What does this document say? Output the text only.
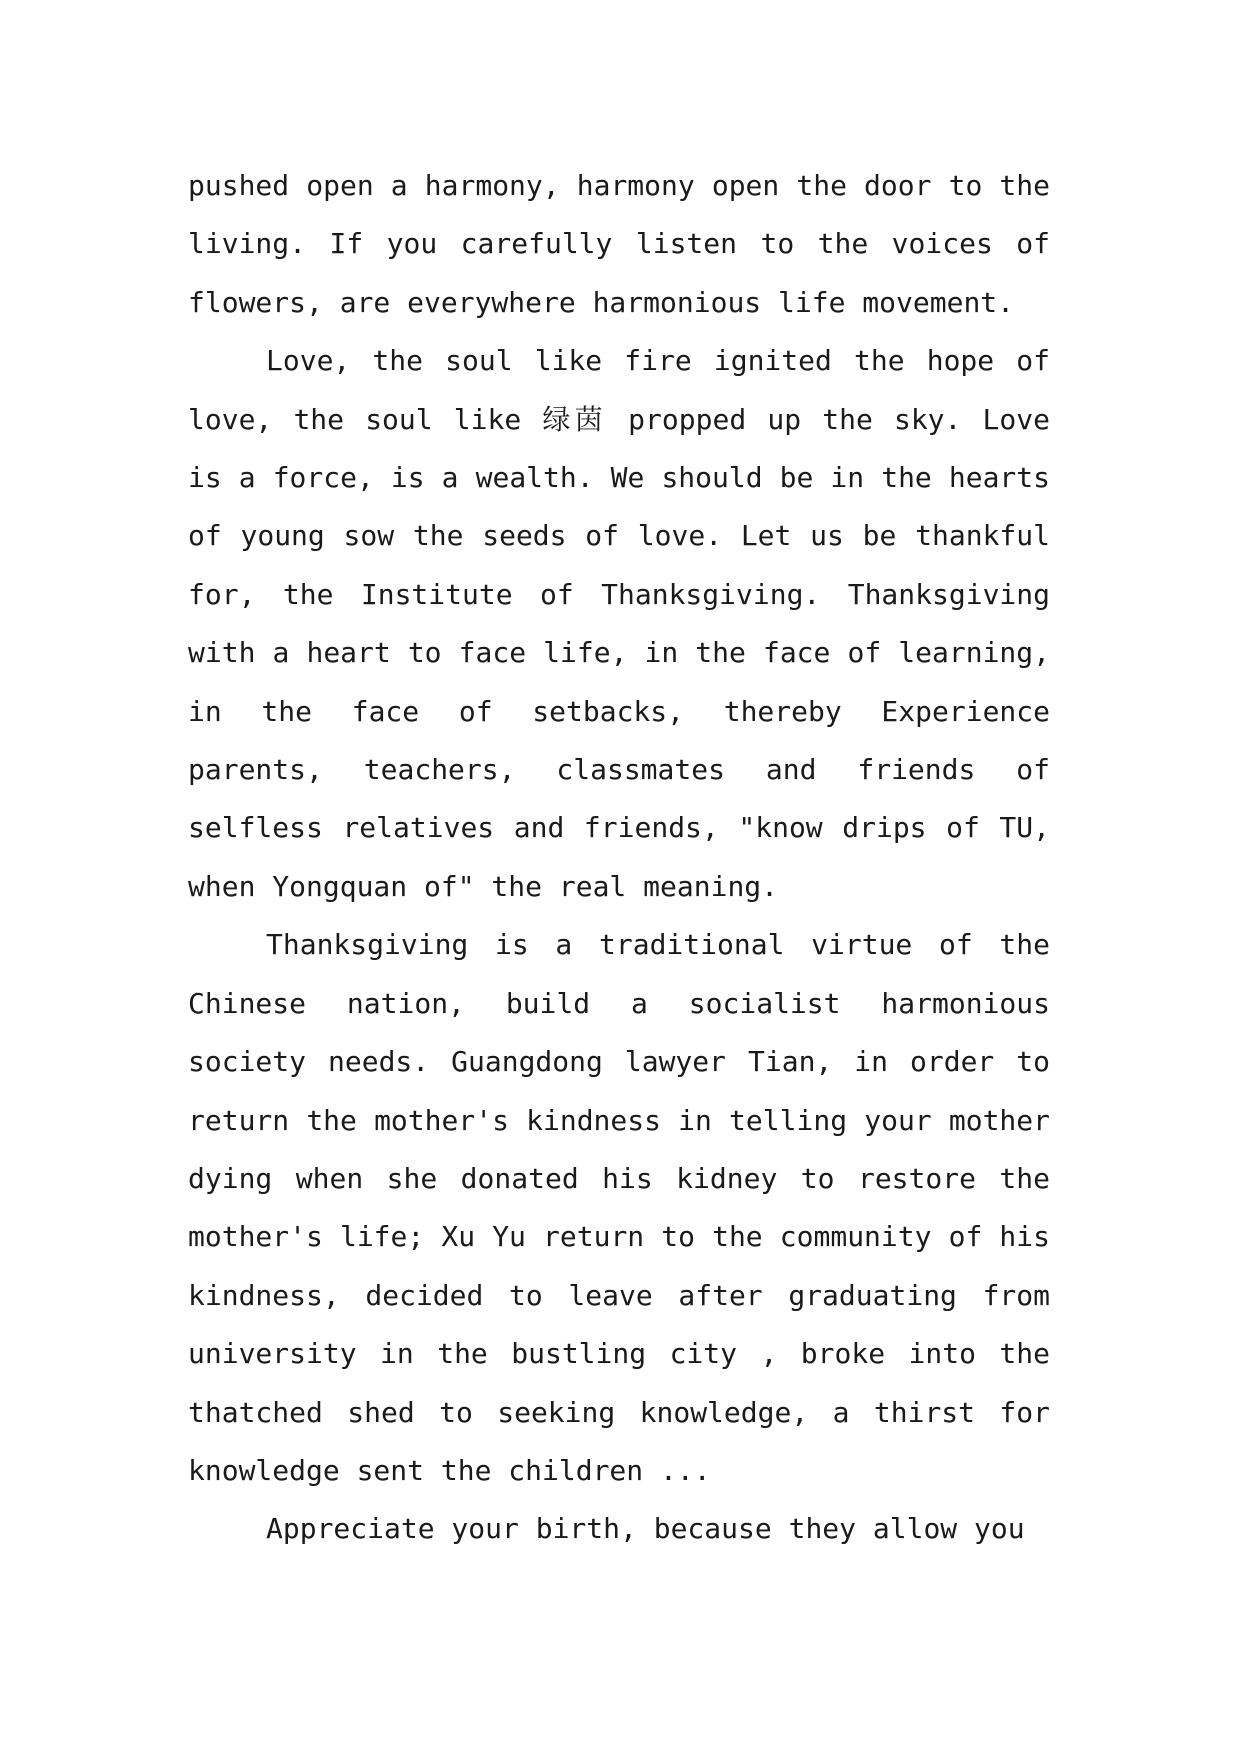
pushed open a harmony, harmony open the door to the living. If you carefully listen to the voices of flowers, are everywhere harmonious life movement.

Love, the soul like fire ignited the hope of love, the soul like 绿茵 propped up the sky. Love is a force, is a wealth. We should be in the hearts of young sow the seeds of love. Let us be thankful for, the Institute of Thanksgiving. Thanksgiving with a heart to face life, in the face of learning, in the face of setbacks, thereby Experience parents, teachers, classmates and friends of selfless relatives and friends, "know drips of TU, when Yongquan of" the real meaning.

Thanksgiving is a traditional virtue of the Chinese nation, build a socialist harmonious society needs. Guangdong lawyer Tian, in order to return the mother's kindness in telling your mother dying when she donated his kidney to restore the mother's life; Xu Yu return to the community of his kindness, decided to leave after graduating from university in the bustling city , broke into the thatched shed to seeking knowledge, a thirst for knowledge sent the children ...

Appreciate your birth, because they allow you
